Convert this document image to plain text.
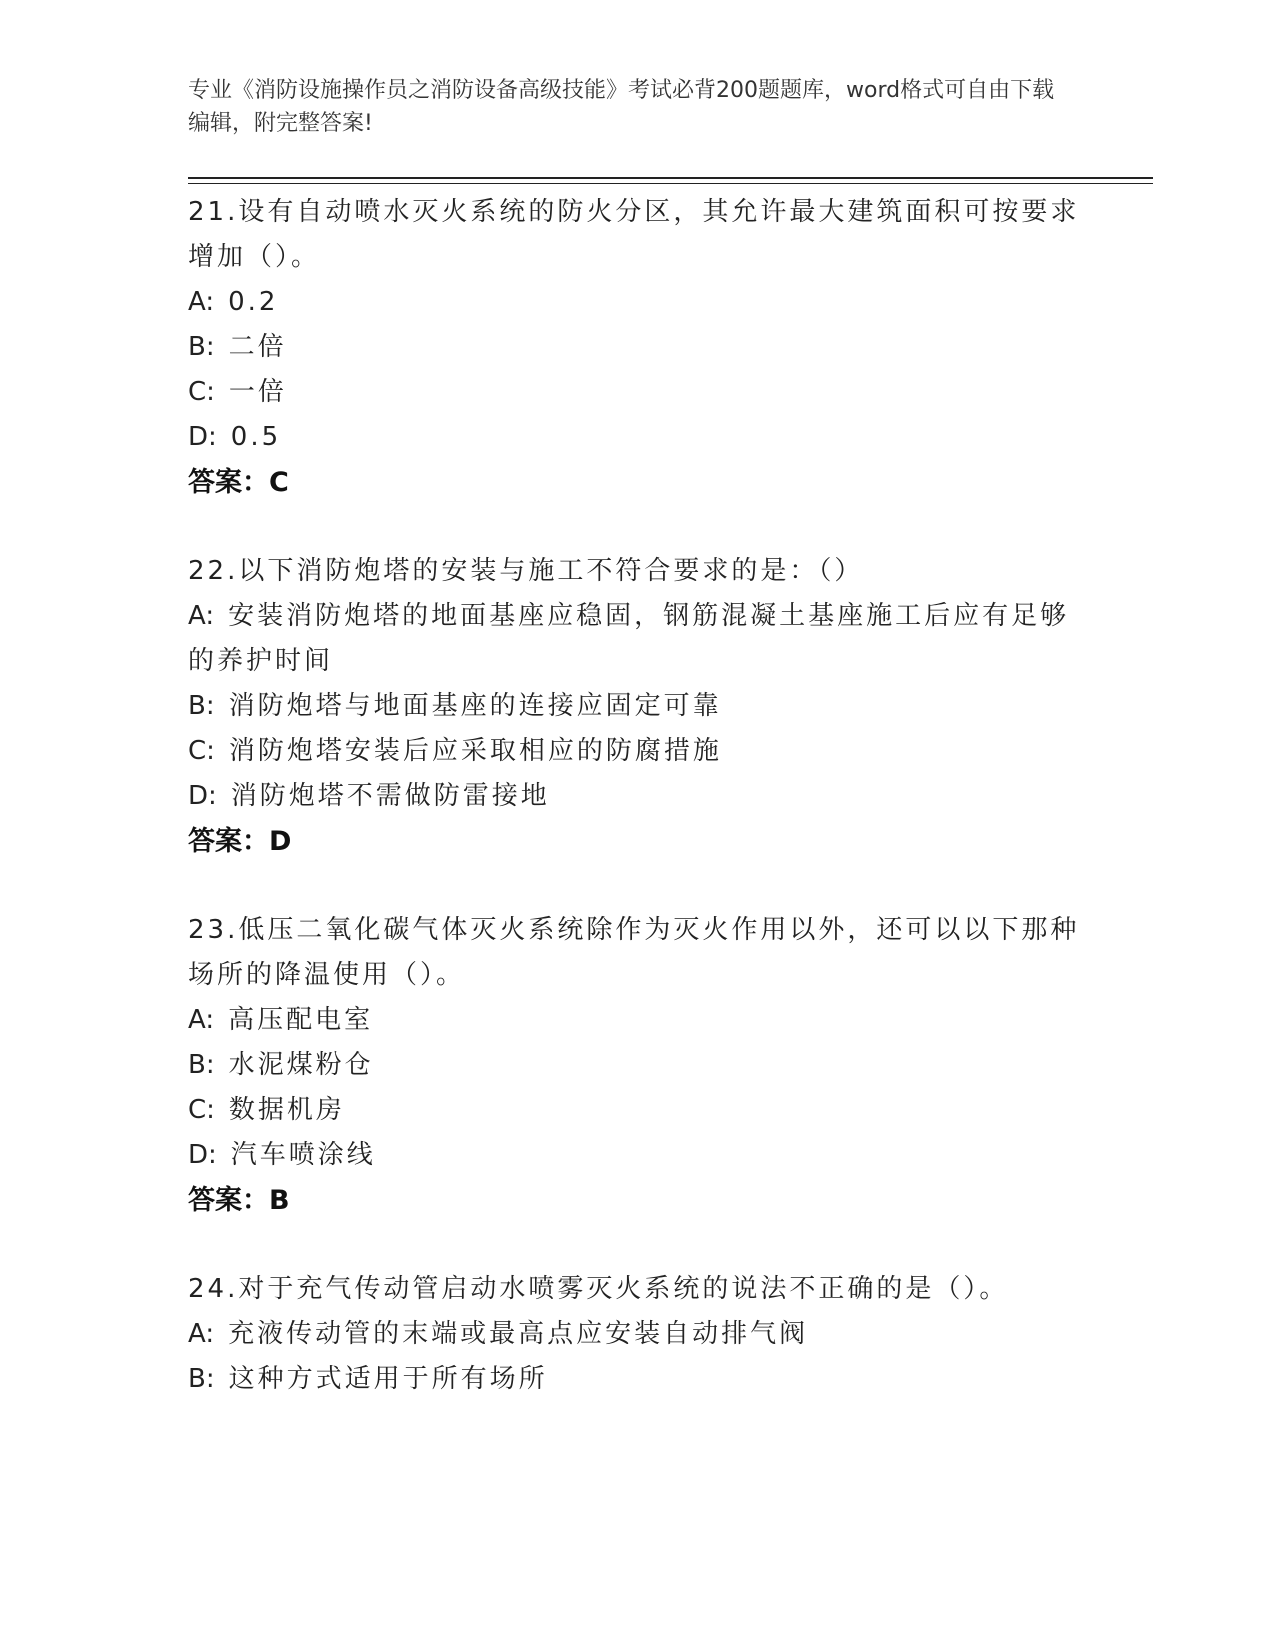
专业《消防设施操作员之消防设备高级技能》考试必背200题题库，word格式可自由下载编辑，附完整答案!
21.设有自动喷水灭火系统的防火分区，其允许最大建筑面积可按要求增加（）。
A: 0.2
B: 二倍
C: 一倍
D: 0.5
答案：C
22.以下消防炮塔的安装与施工不符合要求的是：（）
A: 安装消防炮塔的地面基座应稳固，钢筋混凝土基座施工后应有足够的养护时间
B: 消防炮塔与地面基座的连接应固定可靠
C: 消防炮塔安装后应采取相应的防腐措施
D: 消防炮塔不需做防雷接地
答案：D
23.低压二氧化碳气体灭火系统除作为灭火作用以外，还可以以下那种场所的降温使用（）。
A: 高压配电室
B: 水泥煤粉仓
C: 数据机房
D: 汽车喷涂线
答案：B
24.对于充气传动管启动水喷雾灭火系统的说法不正确的是（）。
A: 充液传动管的末端或最高点应安装自动排气阀
B: 这种方式适用于所有场所
